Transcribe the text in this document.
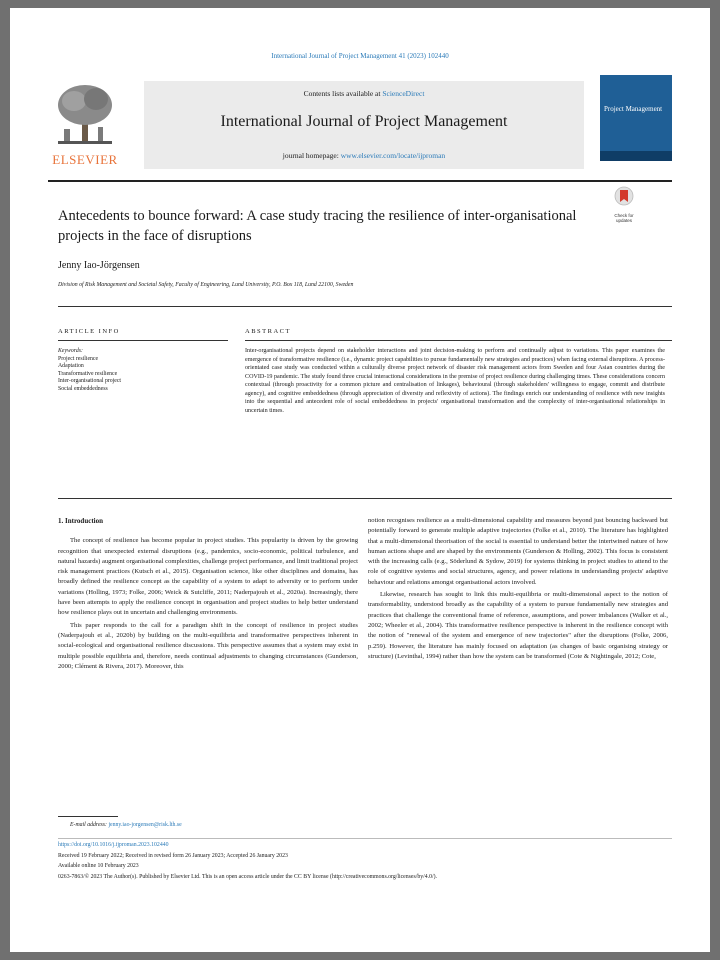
International Journal of Project Management 41 (2023) 102440
ELSEVIER
Contents lists available at ScienceDirect
International Journal of Project Management
journal homepage: www.elsevier.com/locate/ijproman
Project Management
Antecedents to bounce forward: A case study tracing the resilience of inter-organisational projects in the face of disruptions
Check for updates
Jenny Iao-Jörgensen
Division of Risk Management and Societal Safety, Faculty of Engineering, Lund University, P.O. Box 118, Lund 22100, Sweden
ARTICLE INFO	ABSTRACT
Keywords:
Project resilience
Adaptation
Transformative resilience
Inter-organisational project
Social embeddedness
Inter-organisational projects depend on stakeholder interactions and joint decision-making to perform and continually adjust to variations. This paper examines the emergence of transformative resilience (i.e., dynamic project capabilities to pursue fundamentally new strategies and practices) when facing external disruptions. A process-orientated case study was conducted within a culturally diverse project network of disaster risk management actors from Sweden and four Asian countries during the COVID-19 pandemic. The study found three crucial interactional considerations in the premise of project resilience during challenging times. These considerations concern contextual (through proactivity for a common picture and centralisation of linkages), behavioural (through stakeholders' willingness to engage, commit and distribute agency), and cognitive embeddedness (through appreciation of diversity and reflexivity of actions). The findings enrich our understanding of resilience with new insights into the sequential and antecedent role of social embeddedness in projects' organisational transformation and the complexity of inter-organisational relationships in uncertain times.

1. Introduction

The concept of resilience has become popular in project studies. This popularity is driven by the growing recognition that unexpected external disruptions (e.g., pandemics, socio-economic, political turbulence, and natural hazards) augment organisational complexities, challenge project performance, and limit traditional project risk management practices (Kutsch et al., 2015). Organisation science, like other disciplines and domains, has broadly defined the resilience concept as the capability of a system to adapt to adversity or to perform under variations (Holling, 1973; Folke, 2006; Weick & Sutcliffe, 2011; Naderpajouh et al., 2020a). Increasingly, there have been attempts to apply the resilience concept in organisation and project studies to help better understand how resilience plays out in uncertain and challenging environments.

This paper responds to the call for a paradigm shift in the concept of resilience in project studies (Naderpajouh et al., 2020b) by building on the multi-equilibria and transformative perspectives inherent in social-ecological and organisational resilience discussions. This perspective assumes that a system may exist in multiple possible equilibria and, therefore, needs continual adjustments to changing circumstances (Gunderson, 2000; Clément & Rivera, 2017). Moreover, this

notion recognises resilience as a multi-dimensional capability and measures beyond just bouncing backward but potentially forward to generate multiple adaptive trajectories (Folke et al., 2010). The literature has highlighted that a multi-dimensional theorisation of the social is essential to understand better the intertwined nature of how human actions shape and are shaped by the environments (Gunderson & Holling, 2002). This focus is consistent with the increasing calls (e.g., Söderlund & Sydow, 2019) for systems thinking in project studies to attend to the role of cognitive systems and social structures, agency, and power relations in understanding projects' adaptive behaviour and relations amongst organisational actors involved.

Likewise, research has sought to link this multi-equilibria or multi-dimensional aspect to the notion of transformability, understood broadly as the capability of a system to pursue fundamentally new strategies and practices that challenge the conventional frame of reference, assumptions, and power imbalances (Walker et al., 2002; Wheeler et al., 2004). This transformative resilience perspective is inherent in the resilience concept with the notion of "renewal of the system and emergence of new trajectories" after the disruptions (Folke, 2006, p.259). However, the literature has mainly focused on adaptation (as changes of basic organising strategy or structure) (Levinthal, 1994) rather than how the system can be transformed (Cote & Nightingale, 2012; Cote,

E-mail address: jenny.iao-jorgensen@risk.lth.se
https://doi.org/10.1016/j.ijproman.2023.102440
Received 19 February 2022; Received in revised form 26 January 2023; Accepted 26 January 2023
Available online 10 February 2023
0263-7863/© 2023 The Author(s). Published by Elsevier Ltd. This is an open access article under the CC BY license (http://creativecommons.org/licenses/by/4.0/).
